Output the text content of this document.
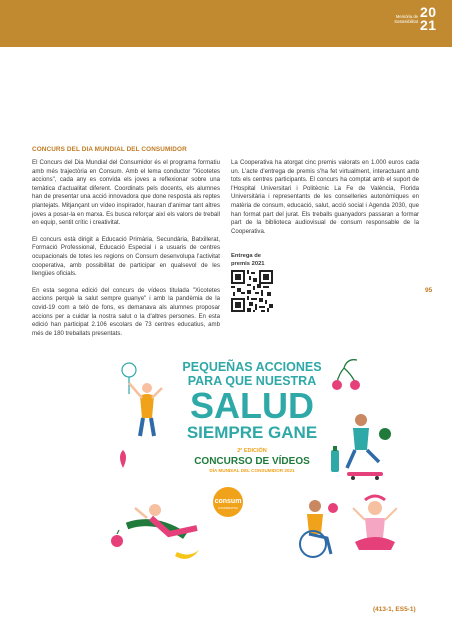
Memòria de
Sostenibilitat
20
21
CONCURS DEL DIA MUNDIAL DEL CONSUMIDOR

El Concurs del Dia Mundial del Consumidor és el programa formatiu amb més trajectòria en Consum. Amb el lema conductor "Xicotetes accions", cada any es convida els joves a reflexionar sobre una temàtica d'actualitat diferent. Coordinats pels docents, els alumnes han de presentar una acció innovadora que done resposta als reptes plantejats. Mitjançant un vídeo inspirador, hauran d'animar tant altres joves a posar-la en marxa. Es busca reforçar així els valors de treball en equip, sentit crític i creativitat.

El concurs està dirigit a Educació Primària, Secundària, Batxillerat, Formació Professional, Educació Especial i a usuaris de centres ocupacionals de totes les regions on Consum desenvolupa l'activitat cooperativa, amb possibilitat de participar en qualsevol de les llengües oficials.

En esta segona edició del concurs de vídeos titulada "Xicotetes accions perquè la salut sempre guanye" i amb la pandèmia de la covid-19 com a teló de fons, es demanava als alumnes proposar accions per a cuidar la nostra salut o la d'altres persones. En esta edició han participat 2.106 escolars de 73 centres educatius, amb més de 180 treballats presentats.

La Cooperativa ha atorgat cinc premis valorats en 1.000 euros cada un. L'acte d'entrega de premis s'ha fet virtualment, interactuant amb tots els centres participants. El concurs ha comptat amb el suport de l'Hospital Universitari i Politècnic La Fe de València, Florida Universitària i representants de les conselleries autonòmiques en matèria de consum, educació, salut, acció social i Agenda 2030, que han format part del jurat. Els treballs guanyadors passaran a formar part de la biblioteca audiovisual de consum responsable de la Cooperativa.

Entrega de
premis 2021
95
PEQUEÑAS ACCIONES
PARA QUE NUESTRA
SALUD
SIEMPRE GANE
2ª EDICIÓN
CONCURSO DE VÍDEOS
DÍA MUNDIAL DEL CONSUMIDOR 2021
consum
COOPERATIVA
(413-1, ES5-1)
